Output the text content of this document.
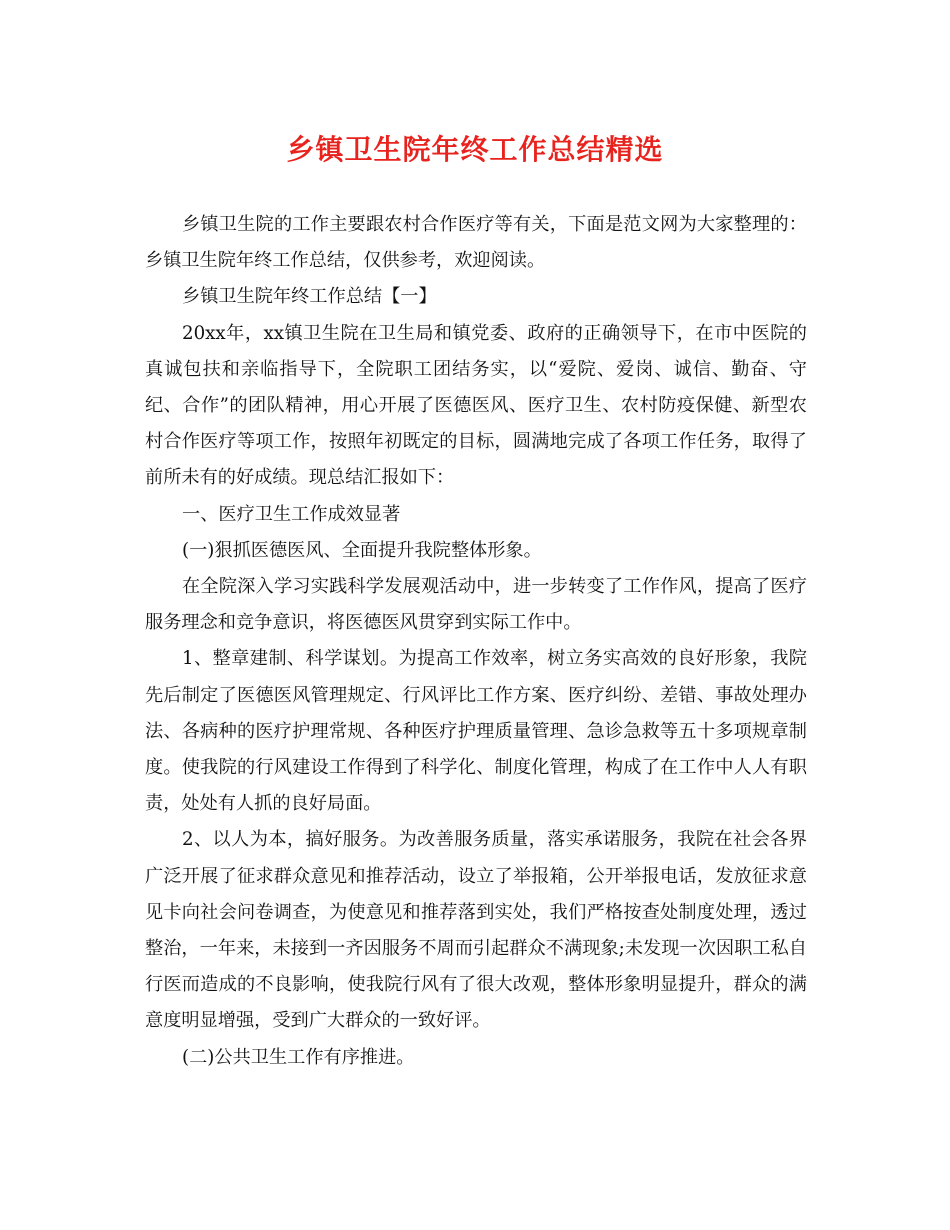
乡镇卫生院年终工作总结精选

乡镇卫生院的工作主要跟农村合作医疗等有关，下面是范文网为大家整理的：乡镇卫生院年终工作总结，仅供参考，欢迎阅读。

乡镇卫生院年终工作总结【一】

20xx年，xx镇卫生院在卫生局和镇党委、政府的正确领导下，在市中医院的真诚包扶和亲临指导下，全院职工团结务实，以“爱院、爱岗、诚信、勤奋、守纪、合作”的团队精神，用心开展了医德医风、医疗卫生、农村防疫保健、新型农村合作医疗等项工作，按照年初既定的目标，圆满地完成了各项工作任务，取得了前所未有的好成绩。现总结汇报如下：

一、医疗卫生工作成效显著

(一)狠抓医德医风、全面提升我院整体形象。

在全院深入学习实践科学发展观活动中，进一步转变了工作作风，提高了医疗服务理念和竞争意识，将医德医风贯穿到实际工作中。

1、整章建制、科学谋划。为提高工作效率，树立务实高效的良好形象，我院先后制定了医德医风管理规定、行风评比工作方案、医疗纠纷、差错、事故处理办法、各病种的医疗护理常规、各种医疗护理质量管理、急诊急救等五十多项规章制度。使我院的行风建设工作得到了科学化、制度化管理，构成了在工作中人人有职责，处处有人抓的良好局面。

2、以人为本，搞好服务。为改善服务质量，落实承诺服务，我院在社会各界广泛开展了征求群众意见和推荐活动，设立了举报箱，公开举报电话，发放征求意见卡向社会问卷调查，为使意见和推荐落到实处，我们严格按查处制度处理，透过整治，一年来，未接到一齐因服务不周而引起群众不满现象;未发现一次因职工私自行医而造成的不良影响，使我院行风有了很大改观，整体形象明显提升，群众的满意度明显增强，受到广大群众的一致好评。

(二)公共卫生工作有序推进。
